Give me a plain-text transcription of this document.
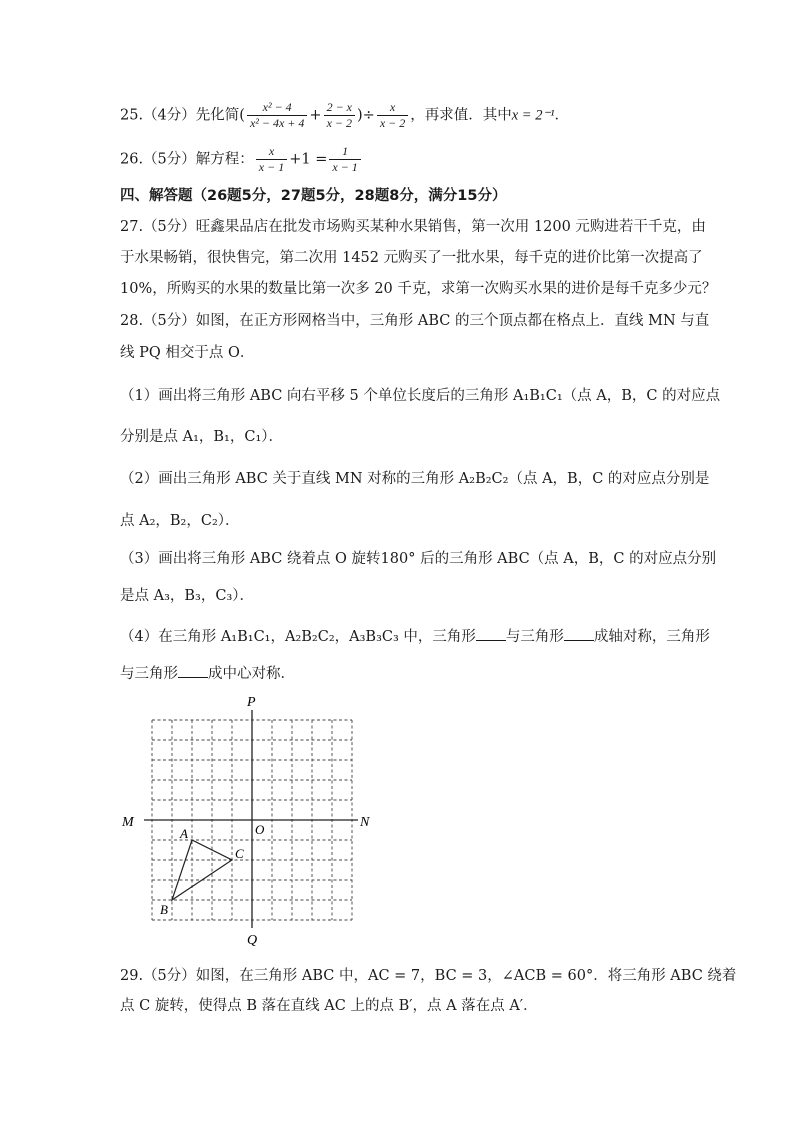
25.（4分）先化简( $\frac{\text{x² − 4}}{\text{x² − 4x + 4}} + \frac{2 - x}{x - 2}$ )÷ $\frac{x}{x - 2}$ ，再求值．其中x = 2⁻¹．
26.（5分）解方程： $\frac{x}{x - 1} +1 = \frac{1}{x - 1}$
四、解答题（26题5分，27题5分，28题8分，满分15分）
27.（5分）旺鑫果品店在批发市场购买某种水果销售，第一次用 1200 元购进若干千克，由
于水果畅销，很快售完，第二次用 1452 元购买了一批水果，每千克的进价比第一次提高了
10%，所购买的水果的数量比第一次多 20 千克，求第一次购买水果的进价是每千克多少元？
28.（5分）如图，在正方形网格当中，三角形 ABC 的三个顶点都在格点上．直线 MN 与直
线 PQ 相交于点 O．
（1）画出将三角形 ABC 向右平移 5 个单位长度后的三角形 A₁B₁C₁（点 A，B，C 的对应点
分别是点 A₁，B₁，C₁）．
（2）画出三角形 ABC 关于直线 MN 对称的三角形 A₂B₂C₂（点 A，B，C 的对应点分别是
点 A₂，B₂，C₂）．
（3）画出将三角形 ABC 绕着点 O 旋转180° 后的三角形 ABC（点 A，B，C 的对应点分别
是点 A₃，B₃，C₃）．
（4）在三角形 A₁B₁C₁，A₂B₂C₂，A₃B₃C₃ 中，三角形 与三角形 成轴对称，三角形
与三角形 成中心对称．
P
Q
M	N
O
A
B
C
29.（5分）如图，在三角形 ABC 中，AC = 7，BC = 3，∠ACB = 60°．将三角形 ABC 绕着
点 C 旋转，使得点 B 落在直线 AC 上的点 B′，点 A 落在点 A′．
